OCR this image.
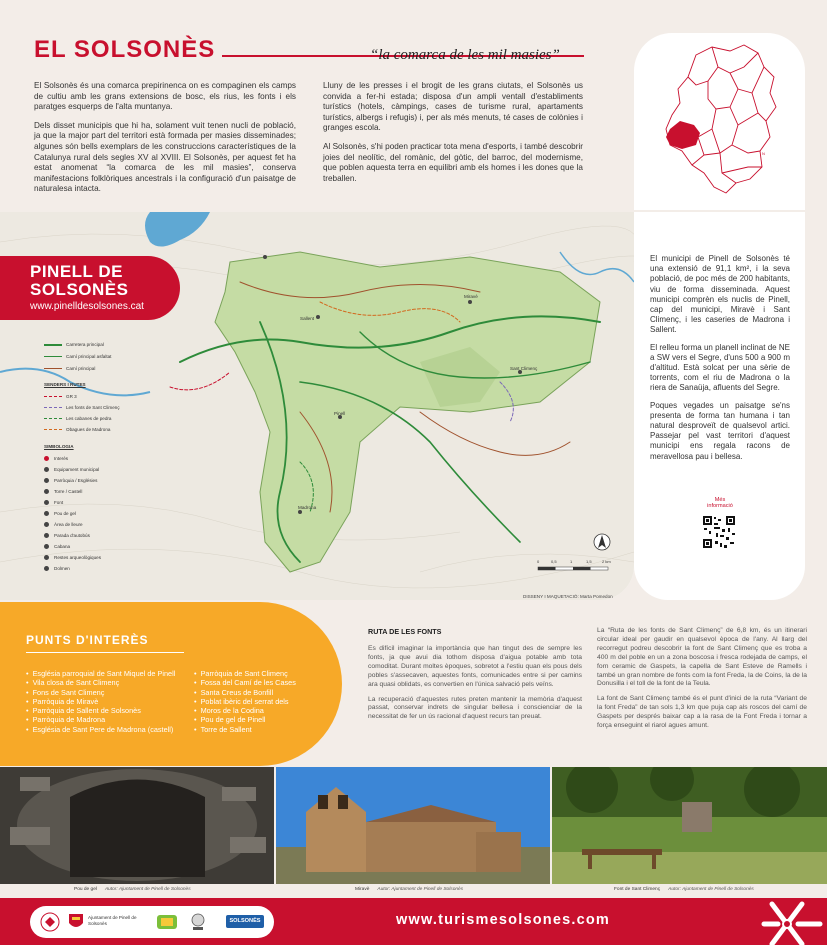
EL SOLSONÈS	“la comarca de les mil masies”

El Solsonès és una comarca prepirinenca on es compaginen els camps de cultiu amb les grans extensions de bosc, els rius, les fonts i els paratges esquerps de l'alta muntanya.

Dels disset municipis que hi ha, solament vuit tenen nucli de població, ja que la major part del territori està formada per masies disseminades; algunes són bells exemplars de les construccions característiques de la Catalunya rural dels segles XV al XVIII. El Solsonès, per aquest fet ha estat anomenat “la comarca de les mil masies”, conserva manifestacions folklòriques ancestrals i la configuració d'un paisatge de naturalesa intacta.

Lluny de les presses i el brogit de les grans ciutats, el Solsonès us convida a fer-hi estada; disposa d'un ampli ventall d'establiments turístics (hotels, càmpings, cases de turisme rural, apartaments turístics, albergs i refugis) i, per als més menuts, té cases de colònies i granges escola.

Al Solsonès, s'hi poden practicar tota mena d'esports, i també descobrir joies del neolític, del romànic, del gòtic, del barroc, del modernisme, que poblen aquesta terra en equilibri amb els homes i les dones que la treballen.

N
Carretera principal
Camí principal asfaltat
Camí principal
SENDERS I RUTES
GR 3
Les fonts de Sant Climenç
Les cabanes de pedra
Obagues de Madrona
SIMBOLOGIA
Interès
Equipament municipal
Parròquia / Esglésies
Torre / Castell
Font
Pou de gel
Àrea de lleure
Parada d'autobús
Cabana
Restes arqueològiques
Dolmen
Sallent
Miravè
Madrona
Pinell
Sant Climenç
0	0,5	1	1,5	2 km
DISSENY I MAQUETACIÓ: Marta Pomedon
PINELL DE
SOLSONÈS
www.pinelldesolsones.cat

El municipi de Pinell de Solsonès té una extensió de 91,1 km², i la seva població, de poc més de 200 habitants, viu de forma disseminada. Aquest municipi comprèn els nuclis de Pinell, cap del municipi, Miravè i Sant Climenç, i les caseries de Madrona i Sallent.

El relleu forma un planell inclinat de NE a SW vers el Segre, d'uns 500 a 900 m d'altitud. Està solcat per una sèrie de torrents, com el riu de Madrona o la riera de Sanaüja, afluents del Segre.

Poques vegades un paisatge se'ns presenta de forma tan humana i tan natural desproveït de qualsevol artici. Passejar pel vast territori d'aquest municipi ens regala racons de meravellosa pau i bellesa.

Més informació
PUNTS D'INTERÈS
• Església parroquial de Sant Miquel de Pinell
• Vila closa de Sant Climenç
• Fons de Sant Climenç
• Parròquia de Miravè
• Parròquia de Sallent de Solsonès
• Parròquia de Madrona
• Església de Sant Pere de Madrona (castell)
• Parròquia de Sant Climenç
• Fossa del Camí de les Cases
• Santa Creus de Bonfill
• Poblat ibèric del serrat dels
• Moros de la Codina
• Pou de gel de Pinell
• Torre de Sallent
RUTA DE LES FONTS

Es difícil imaginar la importància que han tingut des de sempre les fonts, ja que avui dia tothom disposa d'aigua potable amb tota comoditat. Durant moltes èpoques, sobretot a l'estiu quan els pous dels pobles s'assecaven, aquestes fonts, comunicades entre si per camins ara quasi oblidats, es convertien en l'única salvació pels veïns.

La recuperació d'aquestes rutes preten mantenir la memòria d'aquest passat, conservar indrets de singular bellesa i conscienciar de la necessitat de fer un ús racional d'aquest recurs tan preuat.

La “Ruta de les fonts de Sant Climenç” de 6,8 km, és un itinerari circular ideal per gaudir en qualsevol època de l'any. Al llarg del recorregut podreu descobrir la font de Sant Climenç que es troba a 400 m del poble en un a zona boscosa i fresca rodejada de camps, el forn ceramic de Gaspets, la capella de Sant Esteve de Ramells i també un gran nombre de fonts com la font Freda, la de Coins, la de la Donusilla i el toll de la font de la Teula.

La font de Sant Climenç també és el punt d'inici de la ruta “Variant de la font Freda” de tan sols 1,3 km que puja cap als roscos del camí de Gaspets per després baixar cap a la rasa de la Font Freda i tornar a força enseguint el riarol agues amunt.

Pou de gel Autor: Ajuntament de Pinell de Solsonès	Miravè Autor: Ajuntament de Pinell de Solsonès	Font de Sant Climenç Autor: Ajuntament de Pinell de Solsonès
Ajuntament de Pinell de Solsonès	SOLSONÈS	www.turismesolsones.com
